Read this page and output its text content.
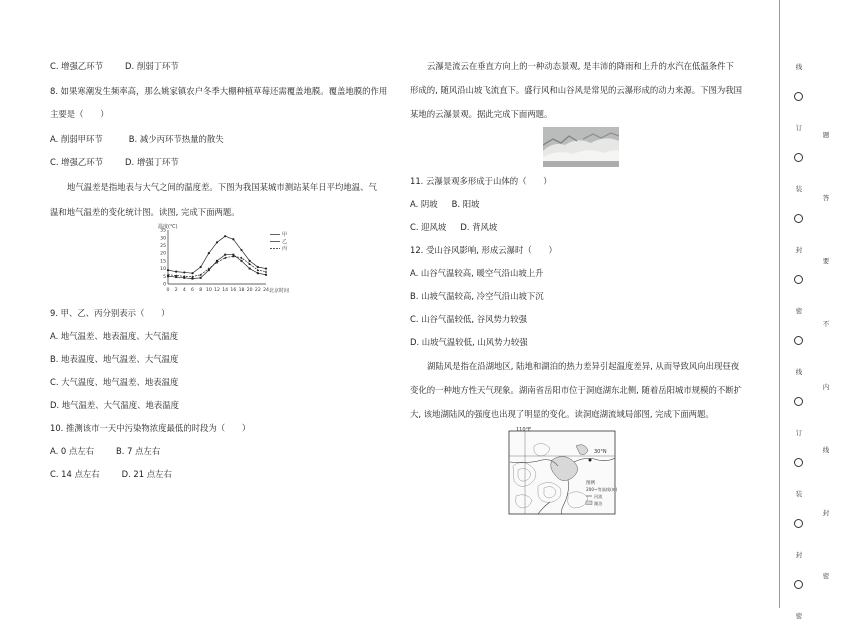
C. 增强乙环节	D. 削弱丁环节
8. 如果寒潮发生频率高，那么姚家镇农户冬季大棚种植草莓还需覆盖地膜。覆盖地膜的作用
主要是（　　）
A. 削弱甲环节	B. 减少丙环节热量的散失
C. 增强乙环节	D. 增强丁环节
地气温差是指地表与大气之间的温度差。下图为我国某城市测站某年日平均地温、气
温和地气温差的变化统计图。读图, 完成下面两题。
温度(℃)
北京时间
0
5
10
15
20
25
30
35
0 2 4 6 8 10 12 14 16 18 20 22 24
甲
乙
丙
9. 甲、乙、丙分别表示（　　）
A. 地气温差、地表温度、大气温度
B. 地表温度、地气温差、大气温度
C. 大气温度、地气温差、地表温度
D. 地气温差、大气温度、地表温度
10. 推测该市一天中污染物浓度最低的时段为（　　）
A. 0 点左右	B. 7 点左右
C. 14 点左右	D. 21 点左右
云瀑是流云在垂直方向上的一种动态景观, 是丰沛的降雨和上升的水汽在低温条件下
形成的, 随风沿山坡飞流直下。盛行风和山谷风是常见的云瀑形成的动力来源。下图为我国
某地的云瀑景观。据此完成下面两题。
11. 云瀑景观多形成于山体的（　　）
A. 阴坡 B. 阳坡
C. 迎风坡 D. 背风坡
12. 受山谷风影响, 形成云瀑时（　　）
A. 山谷气温较高, 暖空气沿山坡上升
B. 山坡气温较高, 冷空气沿山坡下沉
C. 山谷气温较低, 谷风势力较强
D. 山坡气温较低, 山风势力较强
湖陆风是指在沿湖地区, 陆地和湖泊的热力差异引起温度差异, 从而导致风向出现昼夜
变化的一种地方性天气现象。湖南省岳阳市位于洞庭湖东北侧, 随着岳阳城市规模的不断扩
大, 该地湖陆风的强度也出现了明显的变化。读洞庭湖流域局部图, 完成下面两题。
110°E
30°N
图例
200~等高线(m)
河流
湖泊
线
订
装
封
密
线
订
装
封
密
题
答
要
不
内
线
封
密
